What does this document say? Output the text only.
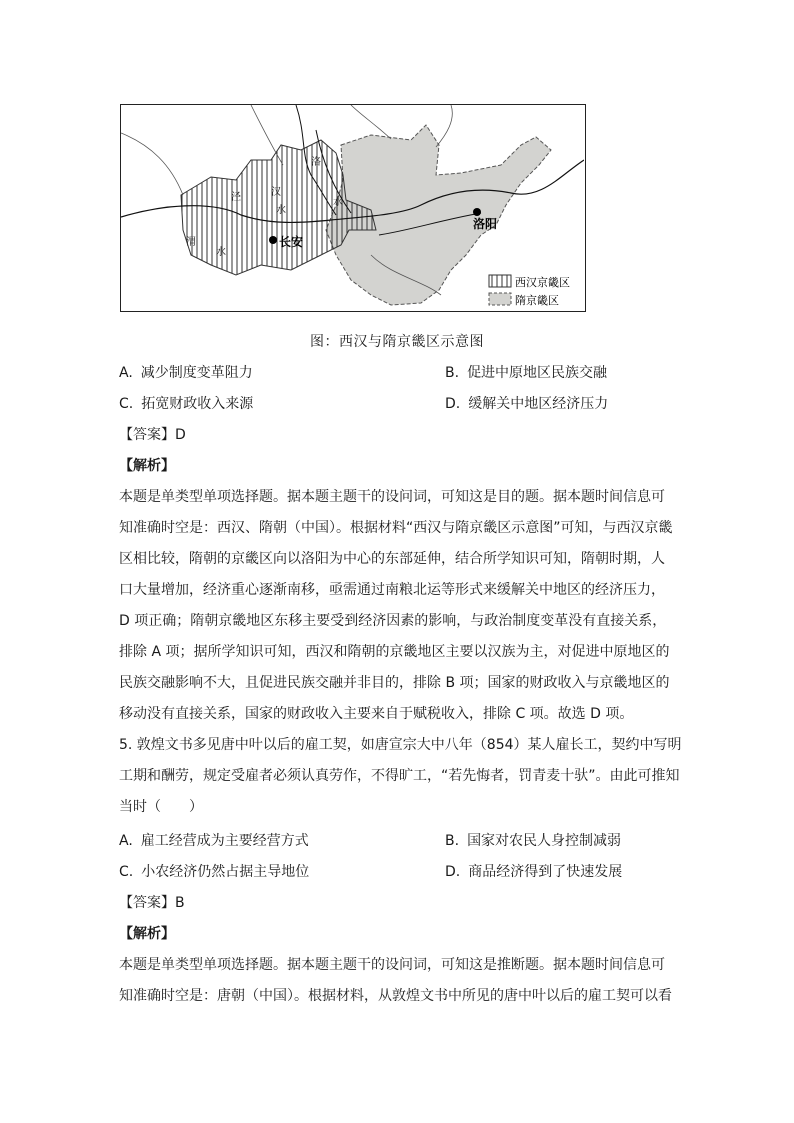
长安
洛阳
泾
渭
水
洛
水
汉
水
西汉京畿区
隋京畿区
图：西汉与隋京畿区示意图
A. 减少制度变革阻力	B. 促进中原地区民族交融
C. 拓宽财政收入来源	D. 缓解关中地区经济压力
【答案】D
【解析】
本题是单类型单项选择题。据本题主题干的设问词，可知这是目的题。据本题时间信息可
知准确时空是：西汉、隋朝（中国）。根据材料“西汉与隋京畿区示意图”可知，与西汉京畿
区相比较，隋朝的京畿区向以洛阳为中心的东部延伸，结合所学知识可知，隋朝时期，人
口大量增加，经济重心逐渐南移，亟需通过南粮北运等形式来缓解关中地区的经济压力，
D 项正确；隋朝京畿地区东移主要受到经济因素的影响，与政治制度变革没有直接关系，
排除 A 项；据所学知识可知，西汉和隋朝的京畿地区主要以汉族为主，对促进中原地区的
民族交融影响不大，且促进民族交融并非目的，排除 B 项；国家的财政收入与京畿地区的
移动没有直接关系，国家的财政收入主要来自于赋税收入，排除 C 项。故选 D 项。
5. 敦煌文书多见唐中叶以后的雇工契，如唐宣宗大中八年（854）某人雇长工，契约中写明
工期和酬劳，规定受雇者必须认真劳作，不得旷工，“若先悔者，罚青麦十驮”。由此可推知
当时（　　）
A. 雇工经营成为主要经营方式	B. 国家对农民人身控制减弱
C. 小农经济仍然占据主导地位	D. 商品经济得到了快速发展
【答案】B
【解析】
本题是单类型单项选择题。据本题主题干的设问词，可知这是推断题。据本题时间信息可
知准确时空是：唐朝（中国）。根据材料，从敦煌文书中所见的唐中叶以后的雇工契可以看
